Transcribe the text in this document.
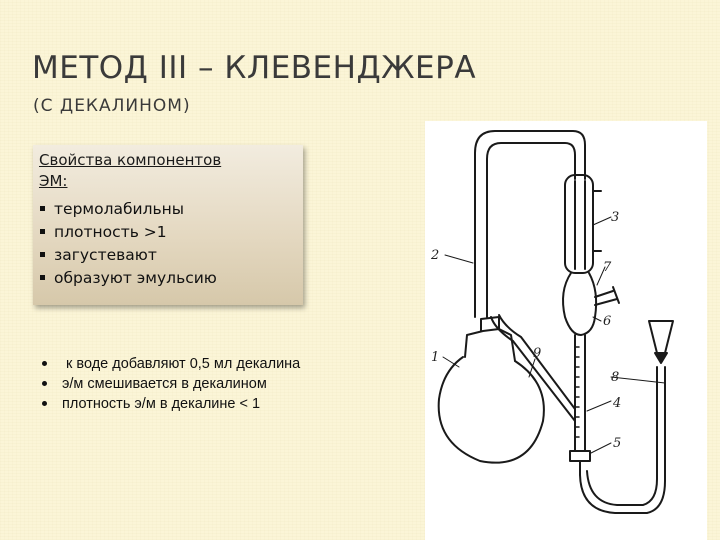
МЕТОД III – КЛЕВЕНДЖЕРА
(С ДЕКАЛИНОМ)
Свойства компонентов
ЭМ:
термолабильны
плотность >1
загустевают
образуют эмульсию
к воде добавляют 0,5 мл декалина
э/м смешивается в декалином
плотность э/м в декалине < 1
1
2
3
4
5
6
7
8
9
